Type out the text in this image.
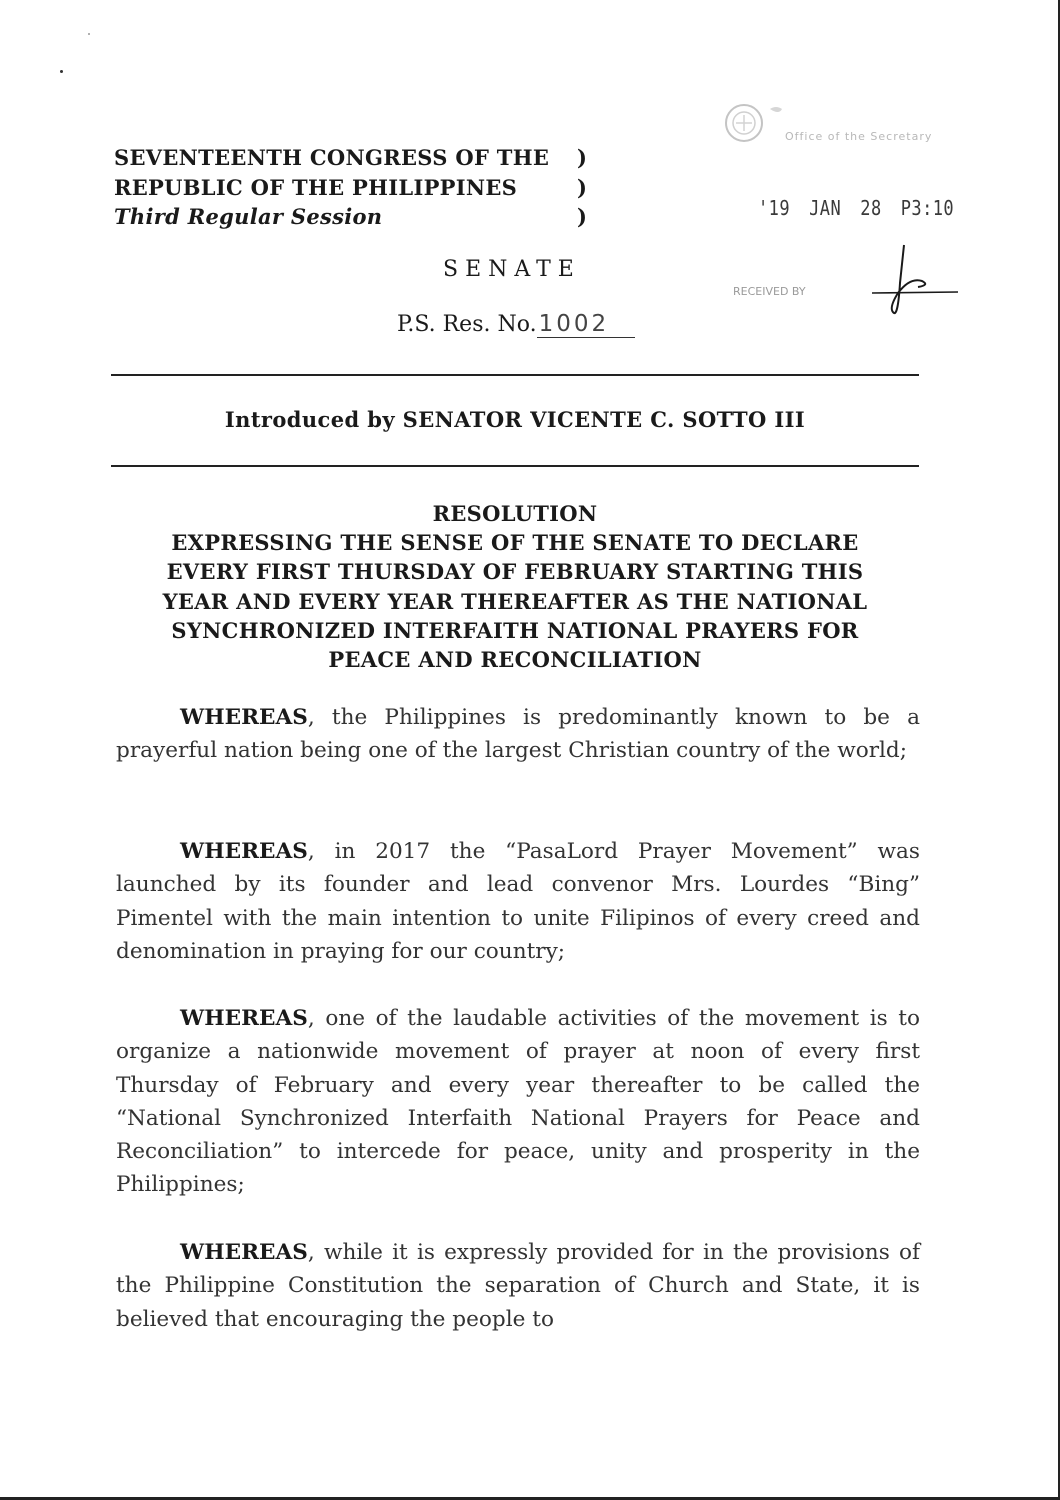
SEVENTEENTH CONGRESS OF THE )
REPUBLIC OF THE PHILIPPINES	)
Third Regular Session	)
Office of the Secretary
'19 JAN 28 P3:10
RECEIVED BY
SENATE
P.S. Res. No.1002
Introduced by SENATOR VICENTE C. SOTTO III
RESOLUTION
EXPRESSING THE SENSE OF THE SENATE TO DECLARE
EVERY FIRST THURSDAY OF FEBRUARY STARTING THIS
YEAR AND EVERY YEAR THEREAFTER AS THE NATIONAL
SYNCHRONIZED INTERFAITH NATIONAL PRAYERS FOR
PEACE AND RECONCILIATION

WHEREAS, the Philippines is predominantly known to be a prayerful nation being one of the largest Christian country of the world;

WHEREAS, in 2017 the “PasaLord Prayer Movement” was launched by its founder and lead convenor Mrs. Lourdes “Bing” Pimentel with the main intention to unite Filipinos of every creed and denomination in praying for our country;

WHEREAS, one of the laudable activities of the movement is to organize a nationwide movement of prayer at noon of every first Thursday of February and every year thereafter to be called the “National Synchronized Interfaith National Prayers for Peace and Reconciliation” to intercede for peace, unity and prosperity in the Philippines;

WHEREAS, while it is expressly provided for in the provisions of the Philippine Constitution the separation of Church and State, it is believed that encouraging the people to
